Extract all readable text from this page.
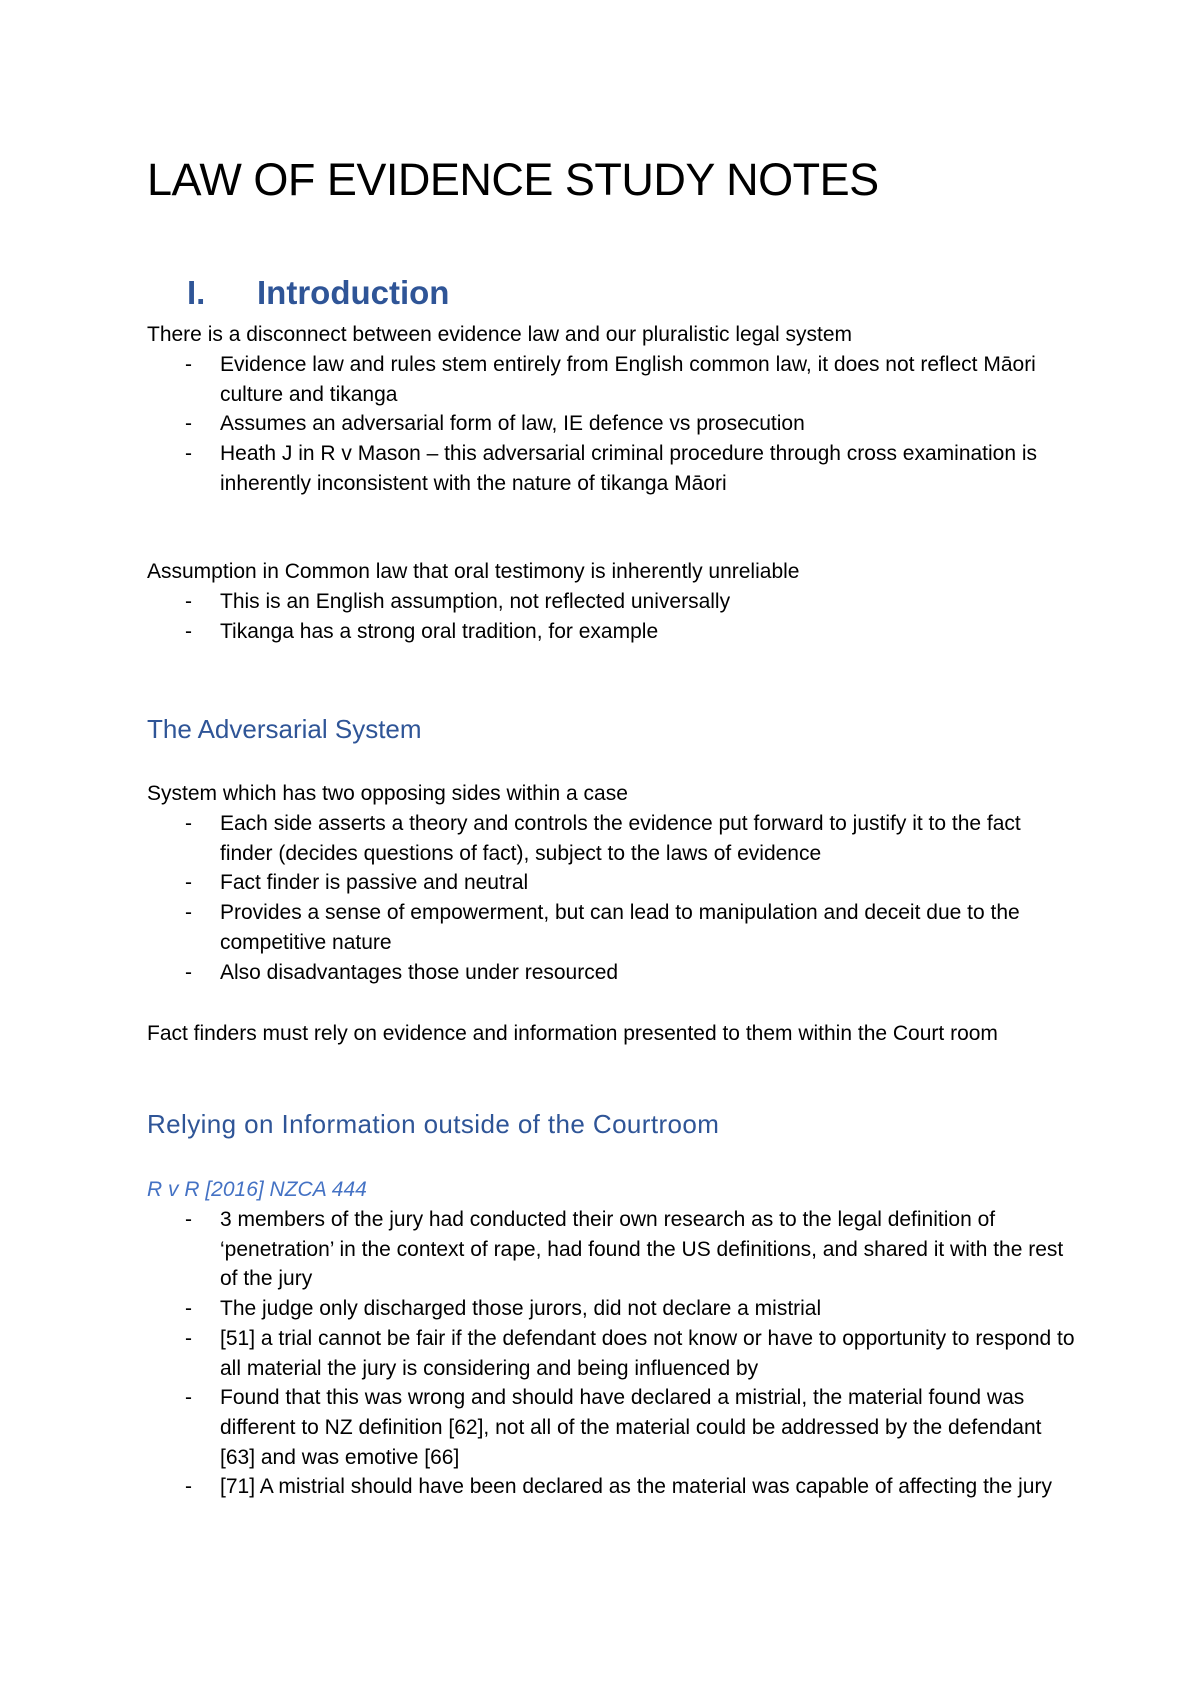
LAW OF EVIDENCE STUDY NOTES
I. Introduction

There is a disconnect between evidence law and our pluralistic legal system

- Evidence law and rules stem entirely from English common law, it does not reflect Māori culture and tikanga
- Assumes an adversarial form of law, IE defence vs prosecution
- Heath J in R v Mason – this adversarial criminal procedure through cross examination is inherently inconsistent with the nature of tikanga Māori

Assumption in Common law that oral testimony is inherently unreliable

- This is an English assumption, not reflected universally
- Tikanga has a strong oral tradition, for example
The Adversarial System

System which has two opposing sides within a case

- Each side asserts a theory and controls the evidence put forward to justify it to the fact finder (decides questions of fact), subject to the laws of evidence
- Fact finder is passive and neutral
- Provides a sense of empowerment, but can lead to manipulation and deceit due to the competitive nature
- Also disadvantages those under resourced

Fact finders must rely on evidence and information presented to them within the Court room

Relying on Information outside of the Courtroom

R v R [2016] NZCA 444

- 3 members of the jury had conducted their own research as to the legal definition of ‘penetration’ in the context of rape, had found the US definitions, and shared it with the rest of the jury
- The judge only discharged those jurors, did not declare a mistrial
- [51] a trial cannot be fair if the defendant does not know or have to opportunity to respond to all material the jury is considering and being influenced by
- Found that this was wrong and should have declared a mistrial, the material found was different to NZ definition [62], not all of the material could be addressed by the defendant [63] and was emotive [66]
- [71] A mistrial should have been declared as the material was capable of affecting the jury
